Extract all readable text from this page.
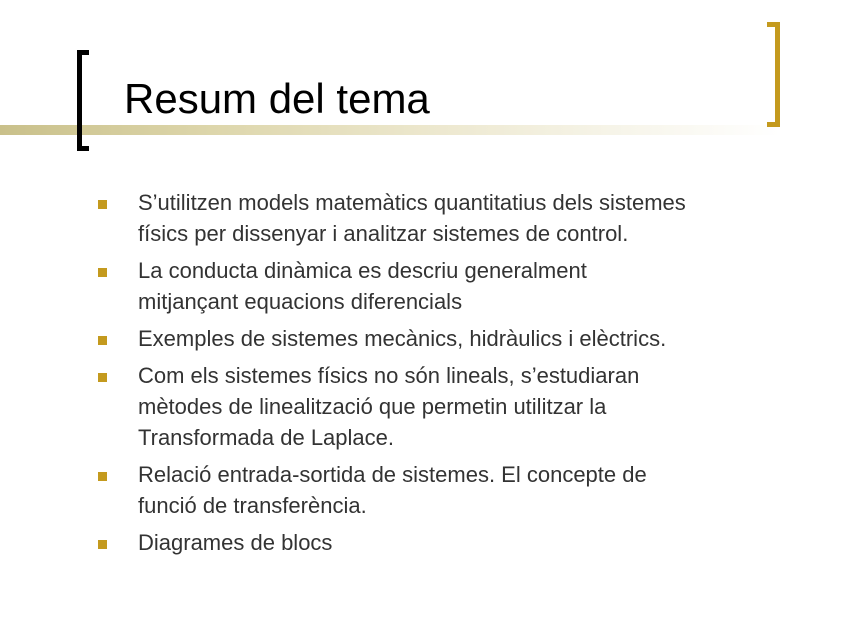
Resum del tema
S’utilitzen models matemàtics quantitatius dels sistemes
físics per dissenyar i analitzar sistemes de control.
La conducta dinàmica es descriu generalment
mitjançant equacions diferencials
Exemples de sistemes mecànics, hidràulics i elèctrics.
Com els sistemes físics no són lineals, s’estudiaran
mètodes de linealització que permetin utilitzar la
Transformada de Laplace.
Relació entrada-sortida de sistemes. El concepte de
funció de transferència.
Diagrames de blocs
